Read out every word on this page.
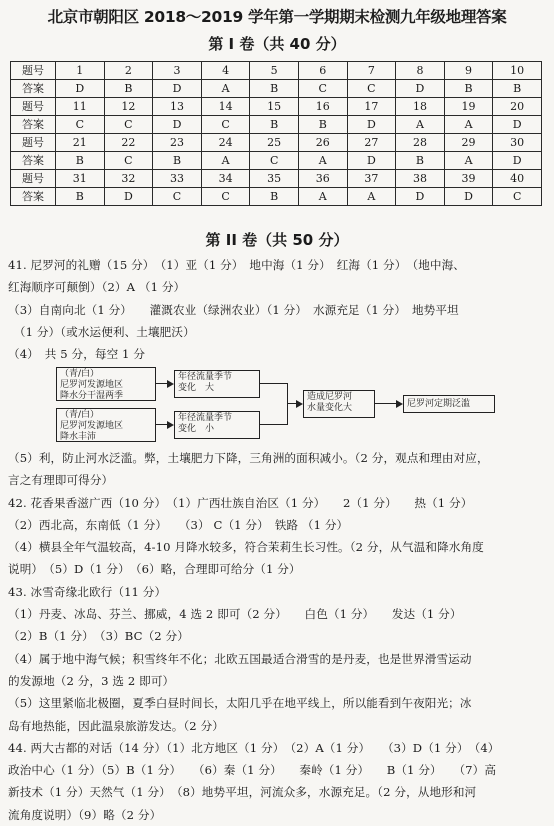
北京市朝阳区 2018～2019 学年第一学期期末检测九年级地理答案
第 I 卷（共 40 分）
题号	1	2	3	4	5	6	7	8	9	10
答案	D	B	D	A	B	C	C	D	B	B
题号	11	12	13	14	15	16	17	18	19	20
答案	C	C	D	C	B	B	D	A	A	D
题号	21	22	23	24	25	26	27	28	29	30
答案	B	C	B	A	C	A	D	B	A	D
题号	31	32	33	34	35	36	37	38	39	40
答案	B	D	C	C	B	A	A	D	D	C
第 II 卷（共 50 分）
41. 尼罗河的礼赠（15 分）　（1）亚（1 分）　地中海（1 分）　红海（1 分）　（地中海、
红海顺序可颠倒）（2）A （1 分）
（3）自南向北（1 分）　　灌溉农业（绿洲农业）（1 分）　水源充足（1 分）　地势平坦
　（1 分）（或水运便利、土壤肥沃）
（4）　共 5 分，每空 1 分
（青/白）
尼罗河发源地区
降水分干湿两季
（青/白）
尼罗河发源地区
降水丰沛
年径流量季节
变化　大
年径流量季节
变化　小
造成尼罗河
水量变化大	尼罗河定期泛滥
（5）利，防止河水泛滥。弊，土壤肥力下降，三角洲的面积减小。（2 分，观点和理由对应，
言之有理即可得分）
42. 花香果香滋广西（10 分）　（1）广西壮族自治区（1 分）　　2（1 分）　　热（1 分）
（2）西北高，东南低（1 分）　　（3） C（1 分）　铁路 （1 分）
（4）横县全年气温较高，4-10 月降水较多，符合茉莉生长习性。（2 分，从气温和降水角度
说明）　（5）D（1 分）　（6）略，合理即可给分（1 分）
43. 冰雪奇缘北欧行（11 分）
（1）丹麦、冰岛、芬兰、挪威，4 选 2 即可（2 分）　　白色（1 分）　　发达（1 分）
（2）B（1 分）　（3）BC（2 分）
（4）属于地中海气候；积雪终年不化；北欧五国最适合滑雪的是丹麦，也是世界滑雪运动
的发源地（2 分，3 选 2 即可）
（5）这里紧临北极圈，夏季白昼时间长，太阳几乎在地平线上，所以能看到午夜阳光；冰
岛有地热能，因此温泉旅游发达。（2 分）
44. 两大古都的对话（14 分）（1）北方地区（1 分）　（2）A（1 分）　　（3）D（1 分）　（4）
政治中心（1 分）（5）B（1 分）　　（6）秦（1 分）　　秦岭（1 分）　　B（1 分）　　（7）高
新技术（1 分）天然气（1 分）　（8）地势平坦，河流众多，水源充足。（2 分，从地形和河
流角度说明）（9）略（2 分）
